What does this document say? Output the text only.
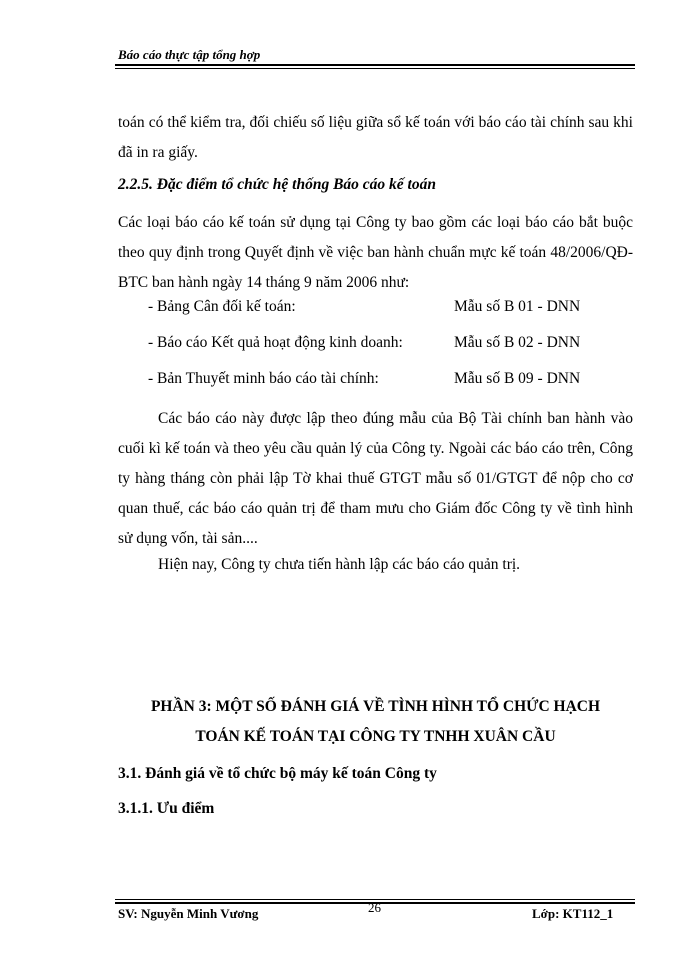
Báo cáo thực tập tổng hợp
toán có thể kiểm tra, đối chiếu số liệu giữa sổ kế toán với báo cáo tài chính sau khi đã in ra giấy.
2.2.5. Đặc điểm tổ chức hệ thống Báo cáo kế toán
Các loại báo cáo kế toán sử dụng tại Công ty bao gồm các loại báo cáo bắt buộc theo quy định trong Quyết định về việc ban hành chuẩn mực kế toán 48/2006/QĐ-BTC ban hành ngày 14 tháng 9 năm 2006 như:
- Bảng Cân đối kế toán:	Mẫu số B 01 - DNN
- Báo cáo Kết quả hoạt động kinh doanh:	Mẫu số B 02 - DNN
- Bản Thuyết minh báo cáo tài chính:	Mẫu số B 09 - DNN
Các báo cáo này được lập theo đúng mẫu của Bộ Tài chính ban hành vào cuối kì kế toán và theo yêu cầu quản lý của Công ty. Ngoài các báo cáo trên, Công ty hàng tháng còn phải lập Tờ khai thuế GTGT mẫu số 01/GTGT để nộp cho cơ quan thuế, các báo cáo quản trị để tham mưu cho Giám đốc Công ty về tình hình sử dụng vốn, tài sản....
Hiện nay, Công ty chưa tiến hành lập các báo cáo quản trị.
PHẦN 3: MỘT SỐ ĐÁNH GIÁ VỀ TÌNH HÌNH TỔ CHỨC HẠCH
TOÁN KẾ TOÁN TẠI CÔNG TY TNHH XUÂN CẦU
3.1. Đánh giá về tổ chức bộ máy kế toán Công ty
3.1.1. Ưu điểm
SV: Nguyễn Minh Vương	26	Lớp: KT112_1
